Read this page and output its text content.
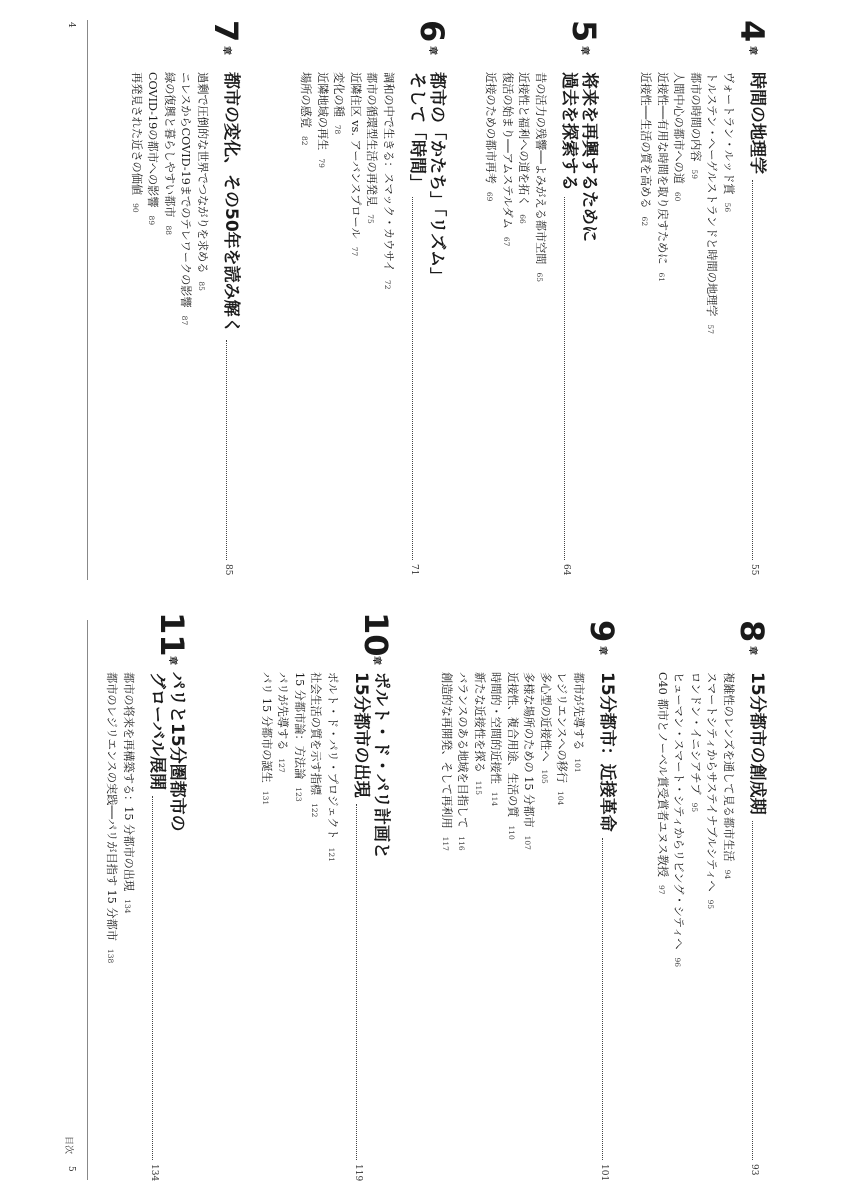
4	4
章
時間の地理学
55
ヴォートラン・ルッド賞56
トルステン・ヘーゲルストランドと時間の地理学57
都市の時間の内容59
人間中心の都市への道60
近接性──有用な時間を取り戻すために61
近接性──生活の質を高める62
5
章
将来を再興するために
過去を探索する
64
昔の活力の残響──よみがえる都市空間65
近接性と福利への道を拓く66
復活の始まり──アムステルダム67
近接のための都市再考69
6
章
都市の「かたち」「リズム」
そして「時間」
71
調和の中で生きる：スマック・カウサイ72
都市の循環型生活の再発見75
近隣住区 vs. アーバンスプロール77
変化の種78
近隣地域の再生79
場所の感覚82
7
章
都市の変化、その50年を読み解く
85
過剰で圧倒的な世界でつながりを求める85
ニレスからCOVID-19までのテレワークの影響87
緑の復興と暮らしやすい都市88
COVID-19の都市への影響89
再発見された近さの価値90
5
目次
8
章
15分都市の創成期
93
複雑性のレンズを通して見る都市生活94
スマートシティからサステイナブルシティへ95
ロンドン・イニシアチブ95
ヒューマン・スマート・シティからリビング・シティへ96
C40 都市とノーベル賞受賞者ユヌス教授97
9
章
15分都市：近接革命
101
都市が先導する101
レジリエンスへの移行104
多心型の近接性へ105
多様な場所のための 15 分都市107
近接性、複合用途、生活の質110
時間的・空間的近接性114
新たな近接性を探る115
バランスのある地域を目指して116
創造的な再開発、そして再利用117
10
章
ポルト・ド・パリ計画と
15分都市の出現
119
ポルト・ド・パリ・プロジェクト121
社会生活の質を示す指標122
15 分都市論：方法論123
パリが先導する127
パリ 15 分都市の誕生131
11
章
パリと15分圏都市の
グローバル展開
134
都市の将来を再構築する：15 分都市の出現134
都市のレジリエンスの実践──パリが目指す 15 分都市138
